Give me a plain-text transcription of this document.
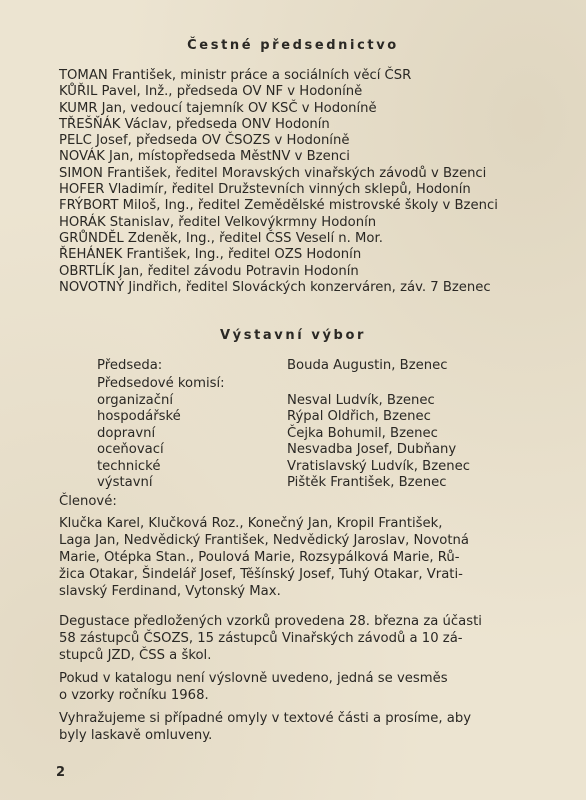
Čestné předsednictvo
TOMAN František, ministr práce a sociálních věcí ČSR
KŮŘIL Pavel, Inž., předseda OV NF v Hodoníně
KUMR Jan, vedoucí tajemník OV KSČ v Hodoníně
TŘEŠŇÁK Václav, předseda ONV Hodonín
PELC Josef, předseda OV ČSOZS v Hodoníně
NOVÁK Jan, místopředseda MěstNV v Bzenci
SIMON František, ředitel Moravských vinařských závodů v Bzenci
HOFER Vladimír, ředitel Družstevních vinných sklepů, Hodonín
FRÝBORT Miloš, Ing., ředitel Zemědělské mistrovské školy v Bzenci
HORÁK Stanislav, ředitel Velkovýkrmny Hodonín
GRŮNDĚL Zdeněk, Ing., ředitel ČSS Veselí n. Mor.
ŘEHÁNEK František, Ing., ředitel OZS Hodonín
OBRTLÍK Jan, ředitel závodu Potravin Hodonín
NOVOTNÝ Jindřich, ředitel Slováckých konzerváren, záv. 7 Bzenec
Výstavní výbor
Předseda:	Bouda Augustin, Bzenec
Předsedové komisí:
organizační	Nesval Ludvík, Bzenec
hospodářské	Rýpal Oldřich, Bzenec
dopravní	Čejka Bohumil, Bzenec
oceňovací	Nesvadba Josef, Dubňany
technické	Vratislavský Ludvík, Bzenec
výstavní	Pištěk František, Bzenec
Členové:
Klučka Karel, Klučková Roz., Konečný Jan, Kropil František,
Laga Jan, Nedvědický František, Nedvědický Jaroslav, Novotná
Marie, Otépka Stan., Poulová Marie, Rozsypálková Marie, Rů-
žica Otakar, Šindelář Josef, Těšínský Josef, Tuhý Otakar, Vrati-
slavský Ferdinand, Vytonský Max.
Degustace předložených vzorků provedena 28. března za účasti
58 zástupců ČSOZS, 15 zástupců Vinařských závodů a 10 zá-
stupců JZD, ČSS a škol.
Pokud v katalogu není výslovně uvedeno, jedná se vesměs
o vzorky ročníku 1968.
Vyhražujeme si případné omyly v textové části a prosíme, aby
byly laskavě omluveny.
2
